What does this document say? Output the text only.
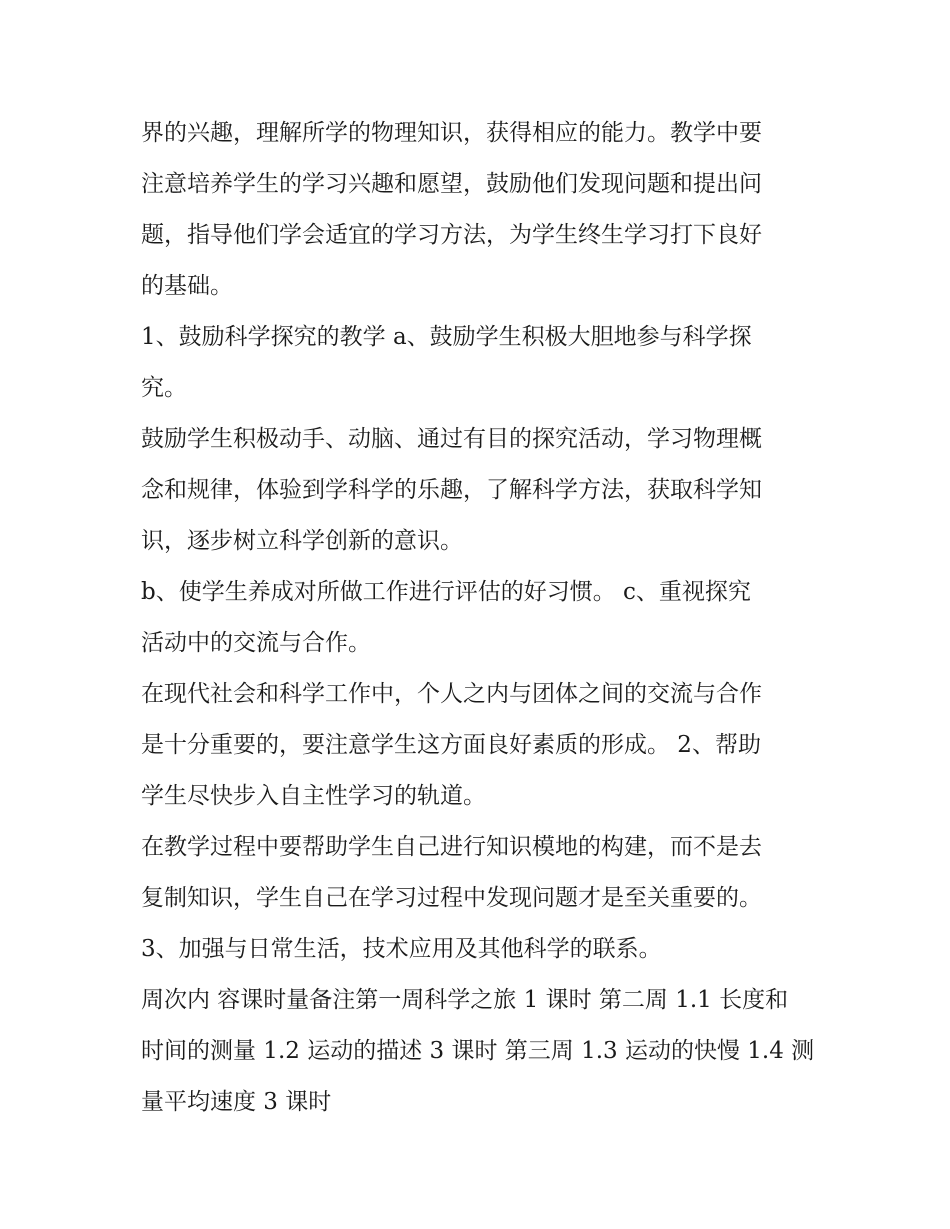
界的兴趣，理解所学的物理知识，获得相应的能力。教学中要
注意培养学生的学习兴趣和愿望，鼓励他们发现问题和提出问
题，指导他们学会适宜的学习方法，为学生终生学习打下良好
的基础。

1、鼓励科学探究的教学 a、鼓励学生积极大胆地参与科学探
究。

鼓励学生积极动手、动脑、通过有目的探究活动，学习物理概
念和规律，体验到学科学的乐趣，了解科学方法，获取科学知
识，逐步树立科学创新的意识。

b、使学生养成对所做工作进行评估的好习惯。 c、重视探究
活动中的交流与合作。

在现代社会和科学工作中，个人之内与团体之间的交流与合作
是十分重要的，要注意学生这方面良好素质的形成。 2、帮助
学生尽快步入自主性学习的轨道。

在教学过程中要帮助学生自己进行知识模地的构建，而不是去
复制知识，学生自己在学习过程中发现问题才是至关重要的。

3、加强与日常生活，技术应用及其他科学的联系。

周次内 容课时量备注第一周科学之旅 1 课时 第二周 1.1 长度和
时间的测量 1.2 运动的描述 3 课时 第三周 1.3 运动的快慢 1.4 测
量平均速度 3 课时
